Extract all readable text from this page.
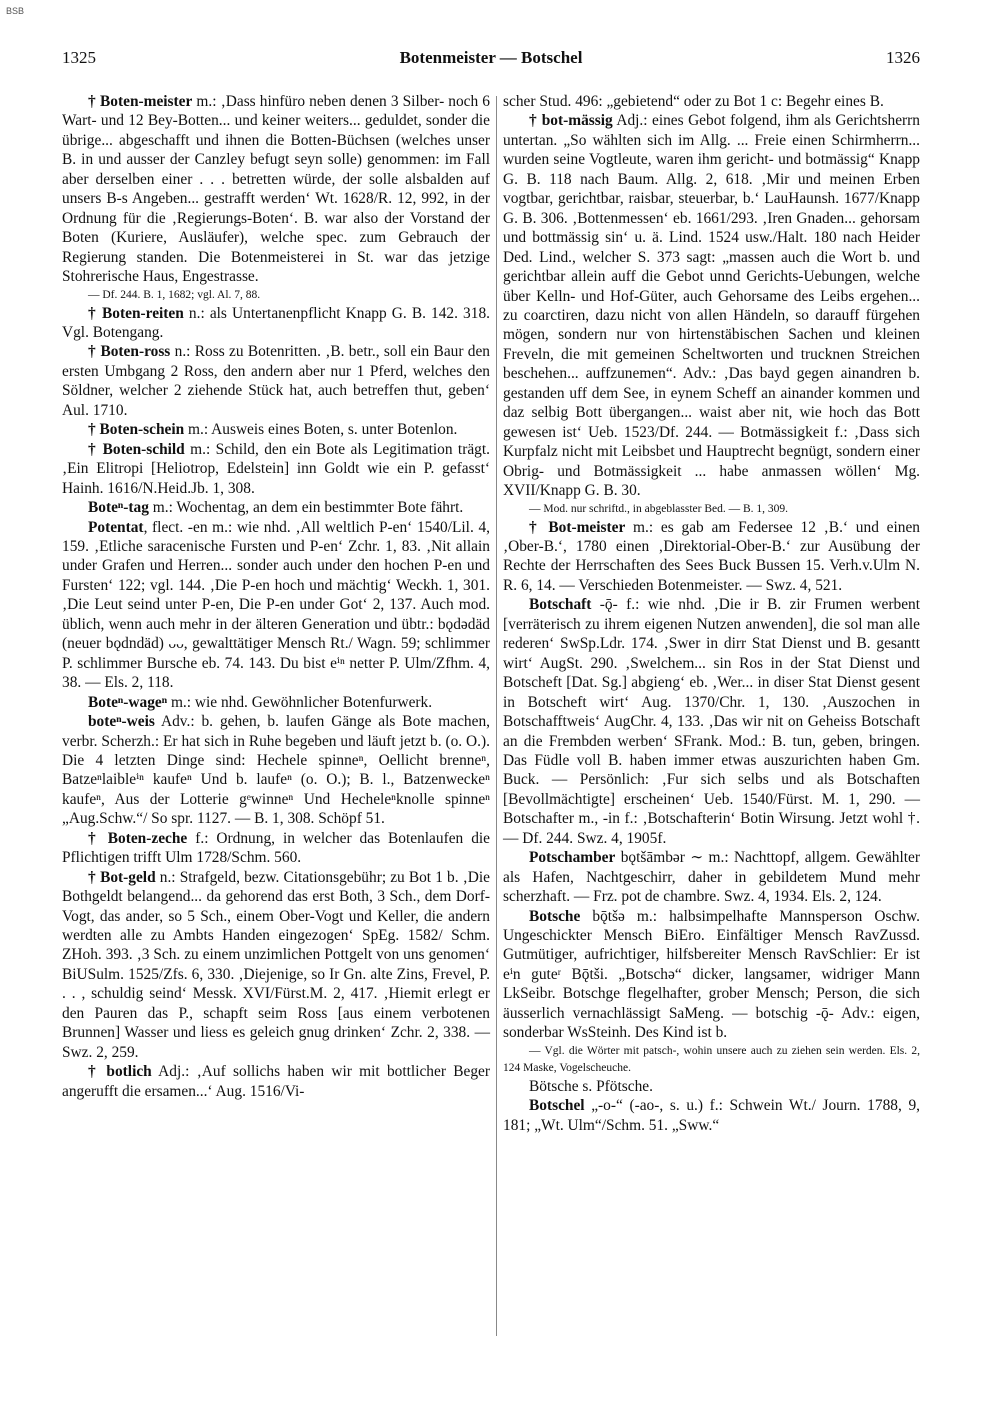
BSB
1325	Botenmeister — Botschel	1326

† Boten-meister m.: ‚Dass hinfüro neben denen 3 Silber- noch 6 Wart- und 12 Bey-Botten... und keiner weiters... geduldet, sonder die übrige... abgeschafft und ihnen die Botten-Büchsen (welches unser B. in und ausser der Canzley befugt seyn solle) genommen: im Fall aber derselben einer . . . betretten würde, der solle alsbalden auf unsers B-s Angeben... gestrafft werden‘ Wt. 1628/R. 12, 992, in der Ordnung für die ‚Regierungs-Boten‘. B. war also der Vorstand der Boten (Kuriere, Ausläufer), welche spec. zum Gebrauch der Regierung standen. Die Botenmeisterei in St. war das jetzige Stohrerische Haus, Engestrasse.

— Df. 244. B. 1, 1682; vgl. Al. 7, 88.

† Boten-reiten n.: als Untertanenpflicht Knapp G. B. 142. 318. Vgl. Botengang.

† Boten-ross n.: Ross zu Botenritten. ‚B. betr., soll ein Baur den ersten Umbgang 2 Ross, den andern aber nur 1 Pferd, welches den Söldner, welcher 2 ziehende Stück hat, auch betreffen thut, geben‘ Aul. 1710.

† Boten-schein m.: Ausweis eines Boten, s. unter Botenlon.

† Boten-schild m.: Schild, den ein Bote als Legitimation trägt. ‚Ein Elitropi [Heliotrop, Edelstein] inn Goldt wie ein P. gefasst‘ Hainh. 1616/N.Heid.Jb. 1, 308.

Boteⁿ-tag m.: Wochentag, an dem ein bestimmter Bote fährt.

Potentat, flect. -en m.: wie nhd. ‚All weltlich P-en‘ 1540/Lil. 4, 159. ‚Etliche saracenische Fursten und P-en‘ Zchr. 1, 83. ‚Nit allain under Grafen und Herren... sonder auch under den hochen P-en und Fursten‘ 122; vgl. 144. ‚Die P-en hoch und mächtig‘ Weckh. 1, 301. ‚Die Leut seind unter P-en, Die P-en under Got‘ 2, 137. Auch mod. üblich, wenn auch mehr in der älteren Generation und übtr.: bǫdədäd (neuer bǫdndäd) ᴗᴗ, gewalttätiger Mensch Rt./ Wagn. 59; schlimmer P. schlimmer Bursche eb. 74. 143. Du bist eⁱⁿ netter P. Ulm/Zfhm. 4, 38. — Els. 2, 118.

Boteⁿ-wageⁿ m.: wie nhd. Gewöhnlicher Botenfurwerk.

boteⁿ-weis Adv.: b. gehen, b. laufen Gänge als Bote machen, verbr. Scherzh.: Er hat sich in Ruhe begeben und läuft jetzt b. (o. O.). Die 4 letzten Dinge sind: Hechele spinneⁿ, Oellicht brenneⁿ, Batzeⁿlaibleⁱⁿ kaufeⁿ Und b. laufeⁿ (o. O.); B. l., Batzenweckeⁿ kaufeⁿ, Aus der Lotterie gᵉwinneⁿ Und Hecheleⁿknolle spinneⁿ „Aug.Schw.“/ So spr. 1127. — B. 1, 308. Schöpf 51.

† Boten-zeche f.: Ordnung, in welcher das Botenlaufen die Pflichtigen trifft Ulm 1728/Schm. 560.

† Bot-geld n.: Strafgeld, bezw. Citationsgebühr; zu Bot 1 b. ‚Die Bothgeldt belangend... da gehorend das erst Both, 3 Sch., dem Dorf-Vogt, das ander, so 5 Sch., einem Ober-Vogt und Keller, die andern werdten alle zu Ambts Handen eingezogen‘ SpEg. 1582/ Schm. ZHoh. 393. ‚3 Sch. zu einem unzimlichen Pottgelt von uns genomen‘ BiUSulm. 1525/Zfs. 6, 330. ‚Diejenige, so Ir Gn. alte Zins, Frevel, P. . . , schuldig seind‘ Messk. XVI/Fürst.M. 2, 417. ‚Hiemit erlegt er den Pauren das P., schapft seim Ross [aus einem verbotenen Brunnen] Wasser und liess es geleich gnug drinken‘ Zchr. 2, 338. — Swz. 2, 259.

† botlich Adj.: ‚Auf sollichs haben wir mit bottlicher Beger angerufft die ersamen...‘ Aug. 1516/Vi-

scher Stud. 496: „gebietend“ oder zu Bot 1 c: Begehr eines B.

† bot-mässig Adj.: eines Gebot folgend, ihm als Gerichtsherrn untertan. „So wählten sich im Allg. ... Freie einen Schirmherrn... wurden seine Vogtleute, waren ihm gericht- und botmässig“ Knapp G. B. 118 nach Baum. Allg. 2, 618. ‚Mir und meinen Erben vogtbar, gerichtbar, raisbar, steuerbar, b.‘ LauHaunsh. 1677/Knapp G. B. 306. ‚Bottenmessen‘ eb. 1661/293. ‚Iren Gnaden... gehorsam und bottmässig sin‘ u. ä. Lind. 1524 usw./Halt. 180 nach Heider Ded. Lind., welcher S. 373 sagt: „massen auch die Wort b. und gerichtbar allein auff die Gebot unnd Gerichts-Uebungen, welche über Kelln- und Hof-Güter, auch Gehorsame des Leibs ergehen... zu coarctiren, dazu nicht von allen Händeln, so darauff fürgehen mögen, sondern nur von hirtenstäbischen Sachen und kleinen Freveln, die mit gemeinen Scheltworten und trucknen Streichen beschehen... auffzunemen“. Adv.: ‚Das bayd gegen ainandren b. gestanden uff dem See, in eynem Scheff an ainander kommen und daz selbig Bott übergangen... waist aber nit, wie hoch das Bott gewesen ist‘ Ueb. 1523/Df. 244. — Botmässigkeit f.: ‚Dass sich Kurpfalz nicht mit Leibsbet und Hauptrecht begnügt, sondern einer Obrig- und Botmässigkeit ... habe anmassen wöllen‘ Mg. XVII/Knapp G. B. 30.

— Mod. nur schriftd., in abgeblasster Bed. — B. 1, 309.

† Bot-meister m.: es gab am Federsee 12 ‚B.‘ und einen ‚Ober-B.‘, 1780 einen ‚Direktorial-Ober-B.‘ zur Ausübung der Rechte der Herrschaften des Sees Buck Bussen 15. Verh.v.Ulm N. R. 6, 14. — Verschieden Botenmeister. — Swz. 4, 521.

Botschaft -ǭ- f.: wie nhd. ‚Die ir B. zir Frumen werbent [verräterisch zu ihrem eigenen Nutzen anwenden], die sol man alle rederen‘ SwSp.Ldr. 174. ‚Swer in dirr Stat Dienst und B. gesantt wirt‘ AugSt. 290. ‚Swelchem... sin Ros in der Stat Dienst und Botscheft [Dat. Sg.] abgieng‘ eb. ‚Wer... in diser Stat Dienst gesent in Botscheft wirt‘ Aug. 1370/Chr. 1, 130. ‚Auszochen in Botschafftweis‘ AugChr. 4, 133. ‚Das wir nit on Geheiss Botschaft an die Frembden werben‘ SFrank. Mod.: B. tun, geben, bringen. Das Füdle voll B. haben immer etwas auszurichten haben Gm. Buck. — Persönlich: ‚Fur sich selbs und als Botschaften [Bevollmächtigte] erscheinen‘ Ueb. 1540/Fürst. M. 1, 290. — Botschafter m., -in f.: ‚Botschafterin‘ Botin Wirsung. Jetzt wohl †. — Df. 244. Swz. 4, 1905f.

Potschamber bǫtšāmbər ∼ m.: Nachttopf, allgem. Gewählter als Hafen, Nachtgeschirr, daher in gebildetem Mund mehr scherzhaft. — Frz. pot de chambre. Swz. 4, 1934. Els. 2, 124.

Botsche bǭtšə m.: halbsimpelhafte Mannsperson Oschw. Ungeschickter Mensch BiEro. Einfältiger Mensch RavZussd. Gutmütiger, aufrichtiger, hilfsbereiter Mensch RavSchlier: Er ist eⁱn guteʳ Bǭtši. „Botschə“ dicker, langsamer, widriger Mann LkSeibr. Botschge flegelhafter, grober Mensch; Person, die sich äusserlich vernachlässigt SaMeng. — botschig -ǭ- Adv.: eigen, sonderbar WsSteinh. Des Kind ist b.

— Vgl. die Wörter mit patsch-, wohin unsere auch zu ziehen sein werden. Els. 2, 124 Maske, Vogelscheuche.

Bötsche s. Pfötsche.

Botschel „-o-“ (-ao-, s. u.) f.: Schwein Wt./ Journ. 1788, 9, 181; „Wt. Ulm“/Schm. 51. „Sww.“
